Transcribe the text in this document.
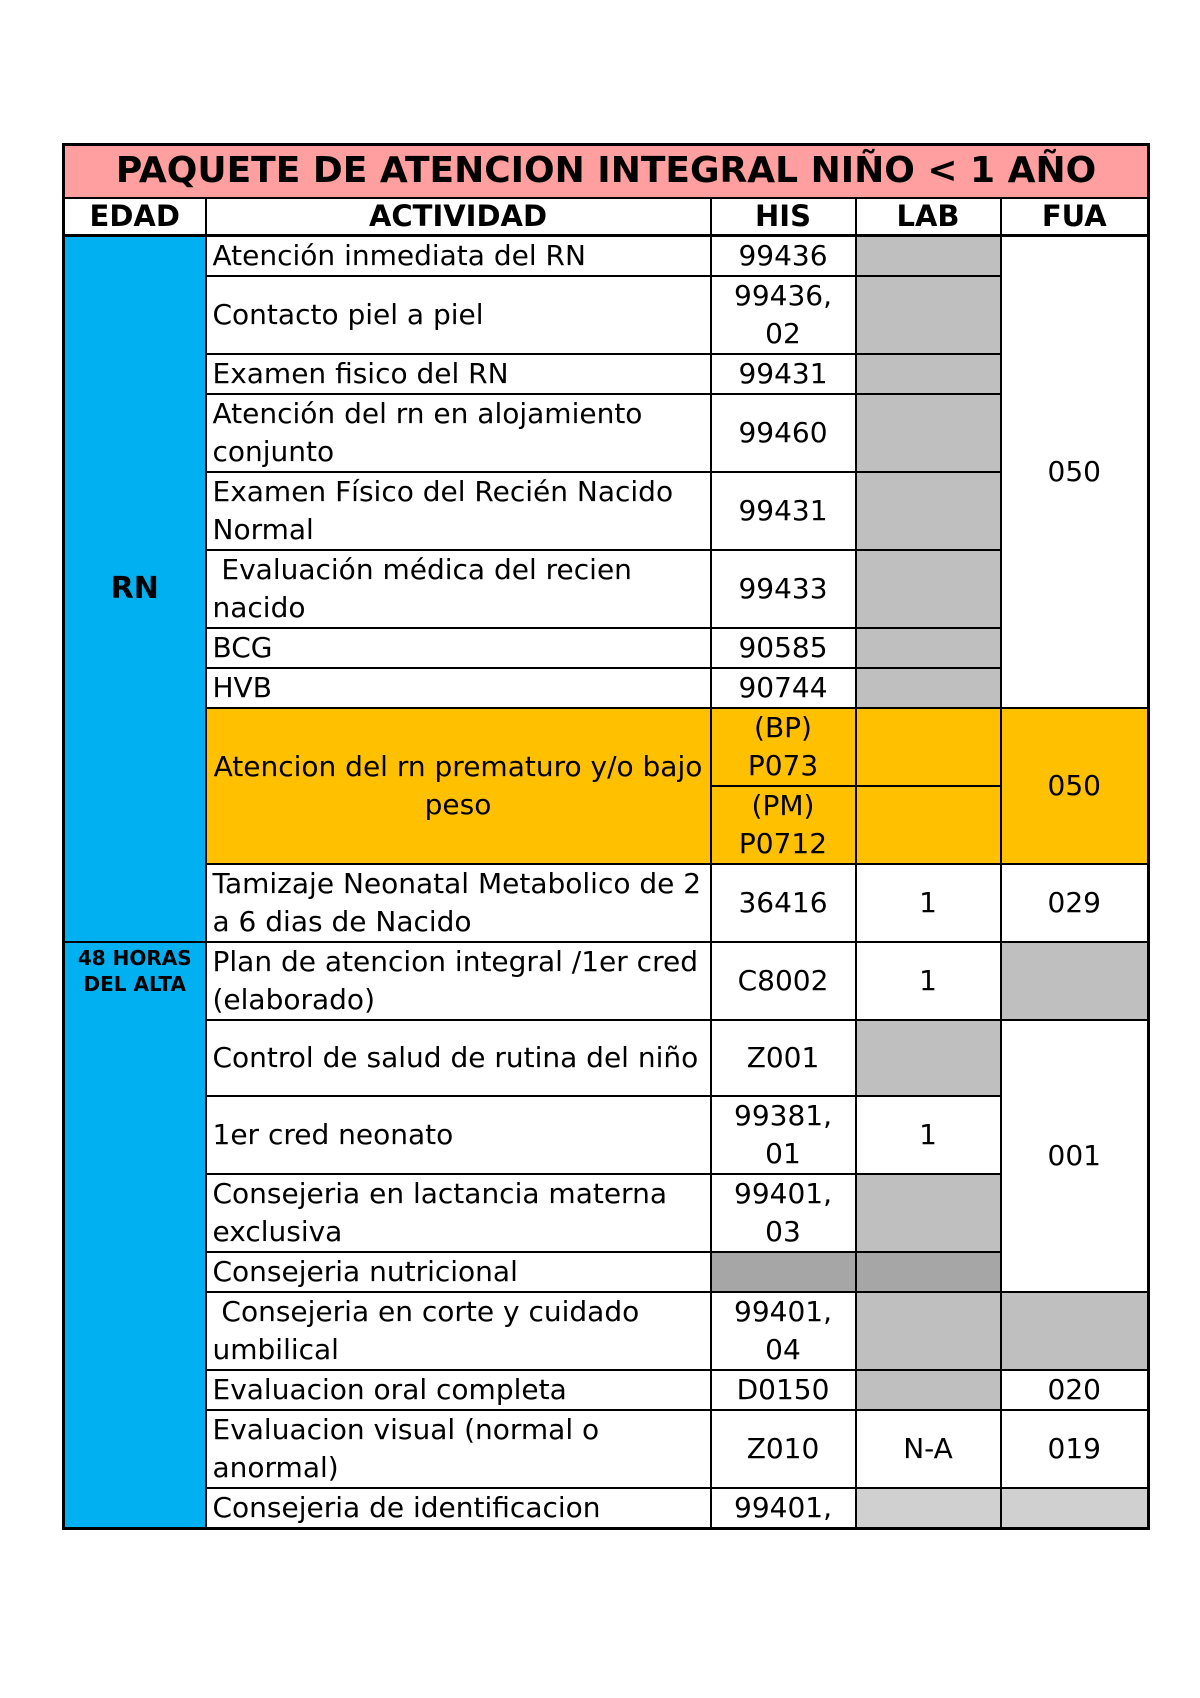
PAQUETE DE ATENCION INTEGRAL NIÑO < 1 AÑO				
EDAD	ACTIVIDAD	HIS	LAB	FUA
RN	Atención inmediata del RN	99436		050
	Contacto piel a piel	99436, 02		
	Examen fisico del RN	99431		
	Atención del rn en alojamiento conjunto	99460		
	Examen Físico del Recién Nacido Normal	99431		
	Evaluación médica del recien nacido	99433		
	BCG	90585		
	HVB	90744		
	Atencion del rn prematuro y/o bajo peso	(BP) P073		050
		(PM) P0712		
	Tamizaje Neonatal Metabolico de 2 a 6 dias de Nacido	36416	1	029
48 HORAS DEL ALTA	Plan de atencion integral /1er cred (elaborado)	C8002	1	
	Control de salud de rutina del niño	Z001		001
	1er cred neonato	99381, 01	1	
	Consejeria en lactancia materna exclusiva	99401, 03		
	Consejeria nutricional			
	Consejeria en corte y cuidado umbilical	99401, 04		
	Evaluacion oral completa	D0150		020
	Evaluacion visual (normal o anormal)	Z010	N-A	019
	Consejeria de identificacion	99401,		
